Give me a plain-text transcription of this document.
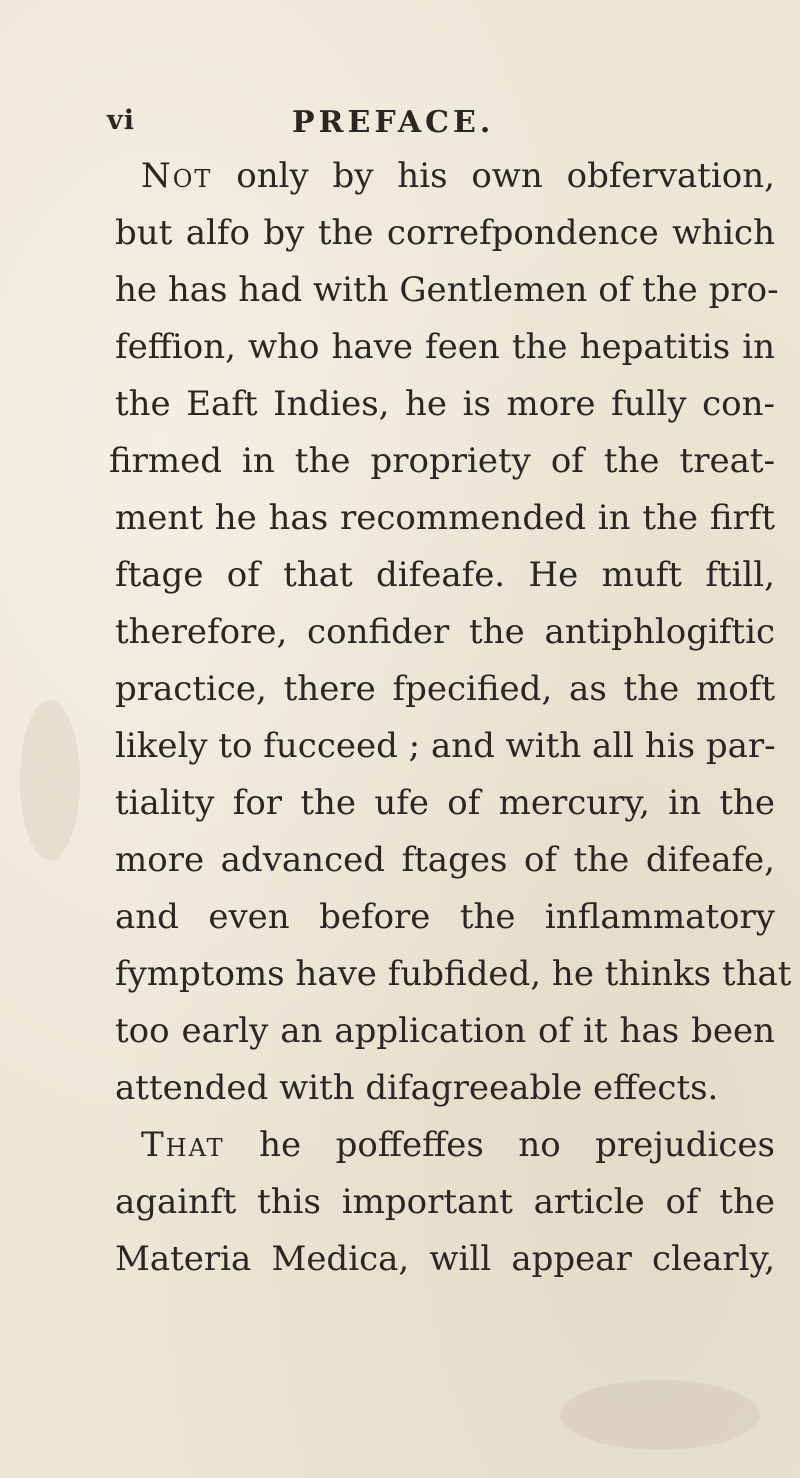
vi	PREFACE.
Not only by his own obfervation,
but alfo by the correfpondence which
he has had with Gentlemen of the pro-
feffion, who have feen the hepatitis in
the Eaft Indies, he is more fully con-
firmed in the propriety of the treat-
ment he has recommended in the firft
ftage of that difeafe. He muft ftill,
therefore, confider the antiphlogiftic
practice, there fpecified, as the moft
likely to fucceed ; and with all his par-
tiality for the ufe of mercury, in the
more advanced ftages of the difeafe,
and even before the inflammatory
fymptoms have fubfided, he thinks that
too early an application of it has been
attended with difagreeable effects.
That he poffeffes no prejudices
againft this important article of the
Materia Medica, will appear clearly,
